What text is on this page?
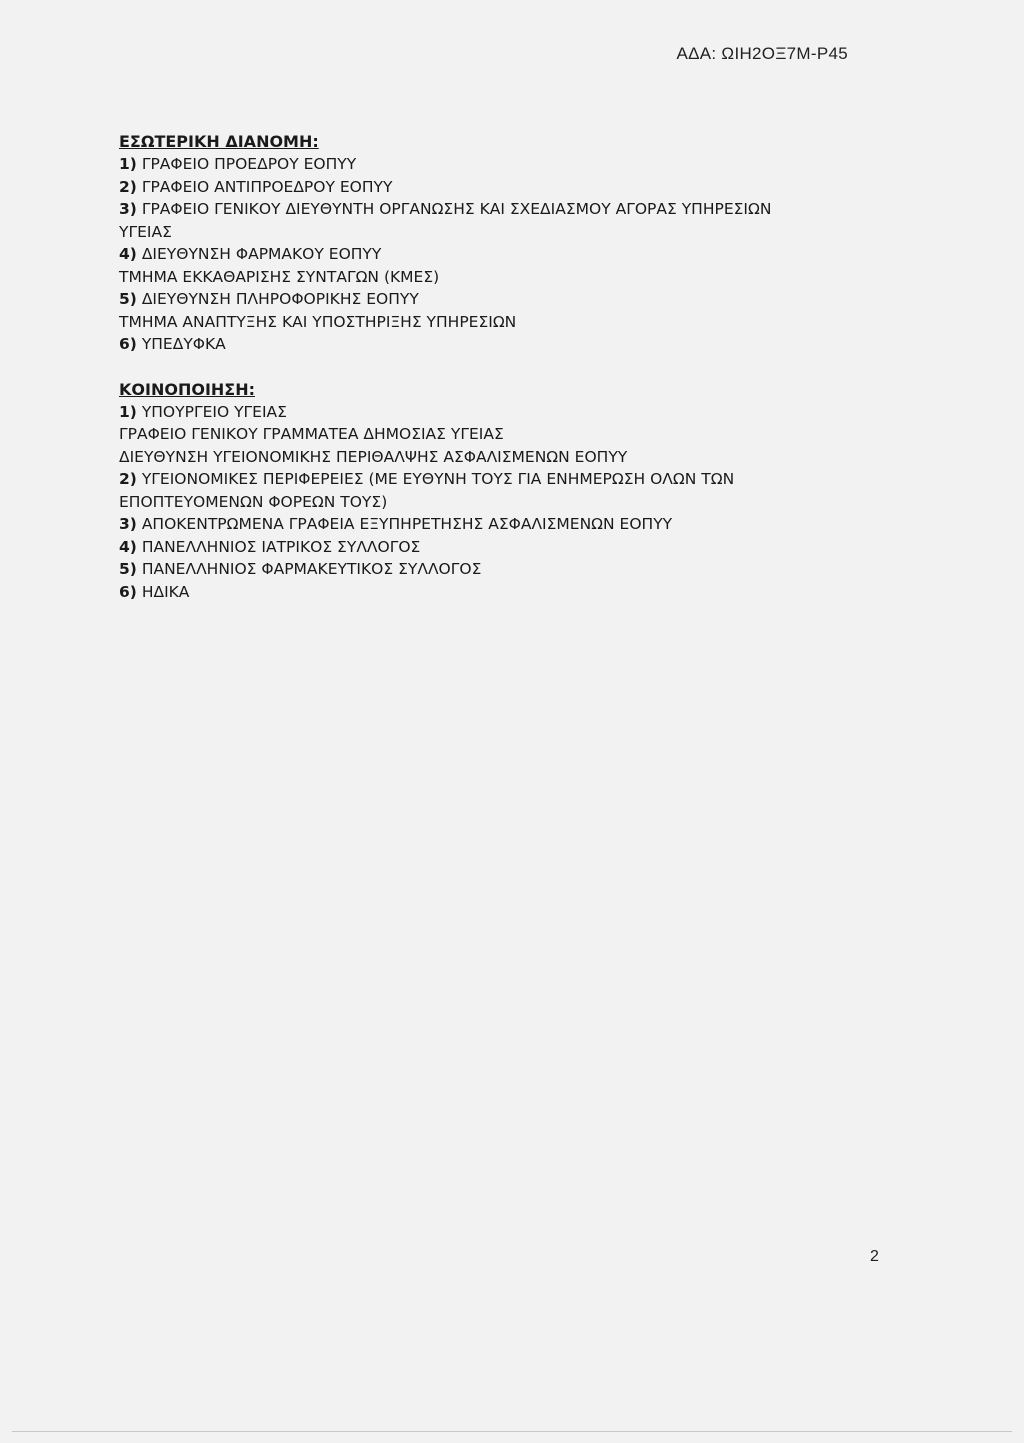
ΑΔΑ: ΩΙΗ2ΟΞ7Μ-Ρ45
ΕΣΩΤΕΡΙΚΗ ΔΙΑΝΟΜΗ:
1) ΓΡΑΦΕΙΟ ΠΡΟΕΔΡΟΥ ΕΟΠΥΥ
2) ΓΡΑΦΕΙΟ ΑΝΤΙΠΡΟΕΔΡΟΥ ΕΟΠΥΥ
3) ΓΡΑΦΕΙΟ ΓΕΝΙΚΟΥ ΔΙΕΥΘΥΝΤΗ ΟΡΓΑΝΩΣΗΣ ΚΑΙ ΣΧΕΔΙΑΣΜΟΥ ΑΓΟΡΑΣ ΥΠΗΡΕΣΙΩΝ
ΥΓΕΙΑΣ
4) ΔΙΕΥΘΥΝΣΗ ΦΑΡΜΑΚΟΥ ΕΟΠΥΥ
ΤΜΗΜΑ ΕΚΚΑΘΑΡΙΣΗΣ ΣΥΝΤΑΓΩΝ (ΚΜΕΣ)
5) ΔΙΕΥΘΥΝΣΗ ΠΛΗΡΟΦΟΡΙΚΗΣ ΕΟΠΥΥ
ΤΜΗΜΑ ΑΝΑΠΤΥΞΗΣ ΚΑΙ ΥΠΟΣΤΗΡΙΞΗΣ ΥΠΗΡΕΣΙΩΝ
6) ΥΠΕΔΥΦΚΑ
ΚΟΙΝΟΠΟΙΗΣΗ:
1) ΥΠΟΥΡΓΕΙΟ ΥΓΕΙΑΣ
ΓΡΑΦΕΙΟ ΓΕΝΙΚΟΥ ΓΡΑΜΜΑΤΕΑ ΔΗΜΟΣΙΑΣ ΥΓΕΙΑΣ
ΔΙΕΥΘΥΝΣΗ ΥΓΕΙΟΝΟΜΙΚΗΣ ΠΕΡΙΘΑΛΨΗΣ ΑΣΦΑΛΙΣΜΕΝΩΝ ΕΟΠΥΥ
2) ΥΓΕΙΟΝΟΜΙΚΕΣ ΠΕΡΙΦΕΡΕΙΕΣ (ΜΕ ΕΥΘΥΝΗ ΤΟΥΣ ΓΙΑ ΕΝΗΜΕΡΩΣΗ ΟΛΩΝ ΤΩΝ
ΕΠΟΠΤΕΥΟΜΕΝΩΝ ΦΟΡΕΩΝ ΤΟΥΣ)
3) ΑΠΟΚΕΝΤΡΩΜΕΝΑ ΓΡΑΦΕΙΑ ΕΞΥΠΗΡΕΤΗΣΗΣ ΑΣΦΑΛΙΣΜΕΝΩΝ ΕΟΠΥΥ
4) ΠΑΝΕΛΛΗΝΙΟΣ ΙΑΤΡΙΚΟΣ ΣΥΛΛΟΓΟΣ
5) ΠΑΝΕΛΛΗΝΙΟΣ ΦΑΡΜΑΚΕΥΤΙΚΟΣ ΣΥΛΛΟΓΟΣ
6) ΗΔΙΚΑ
2
